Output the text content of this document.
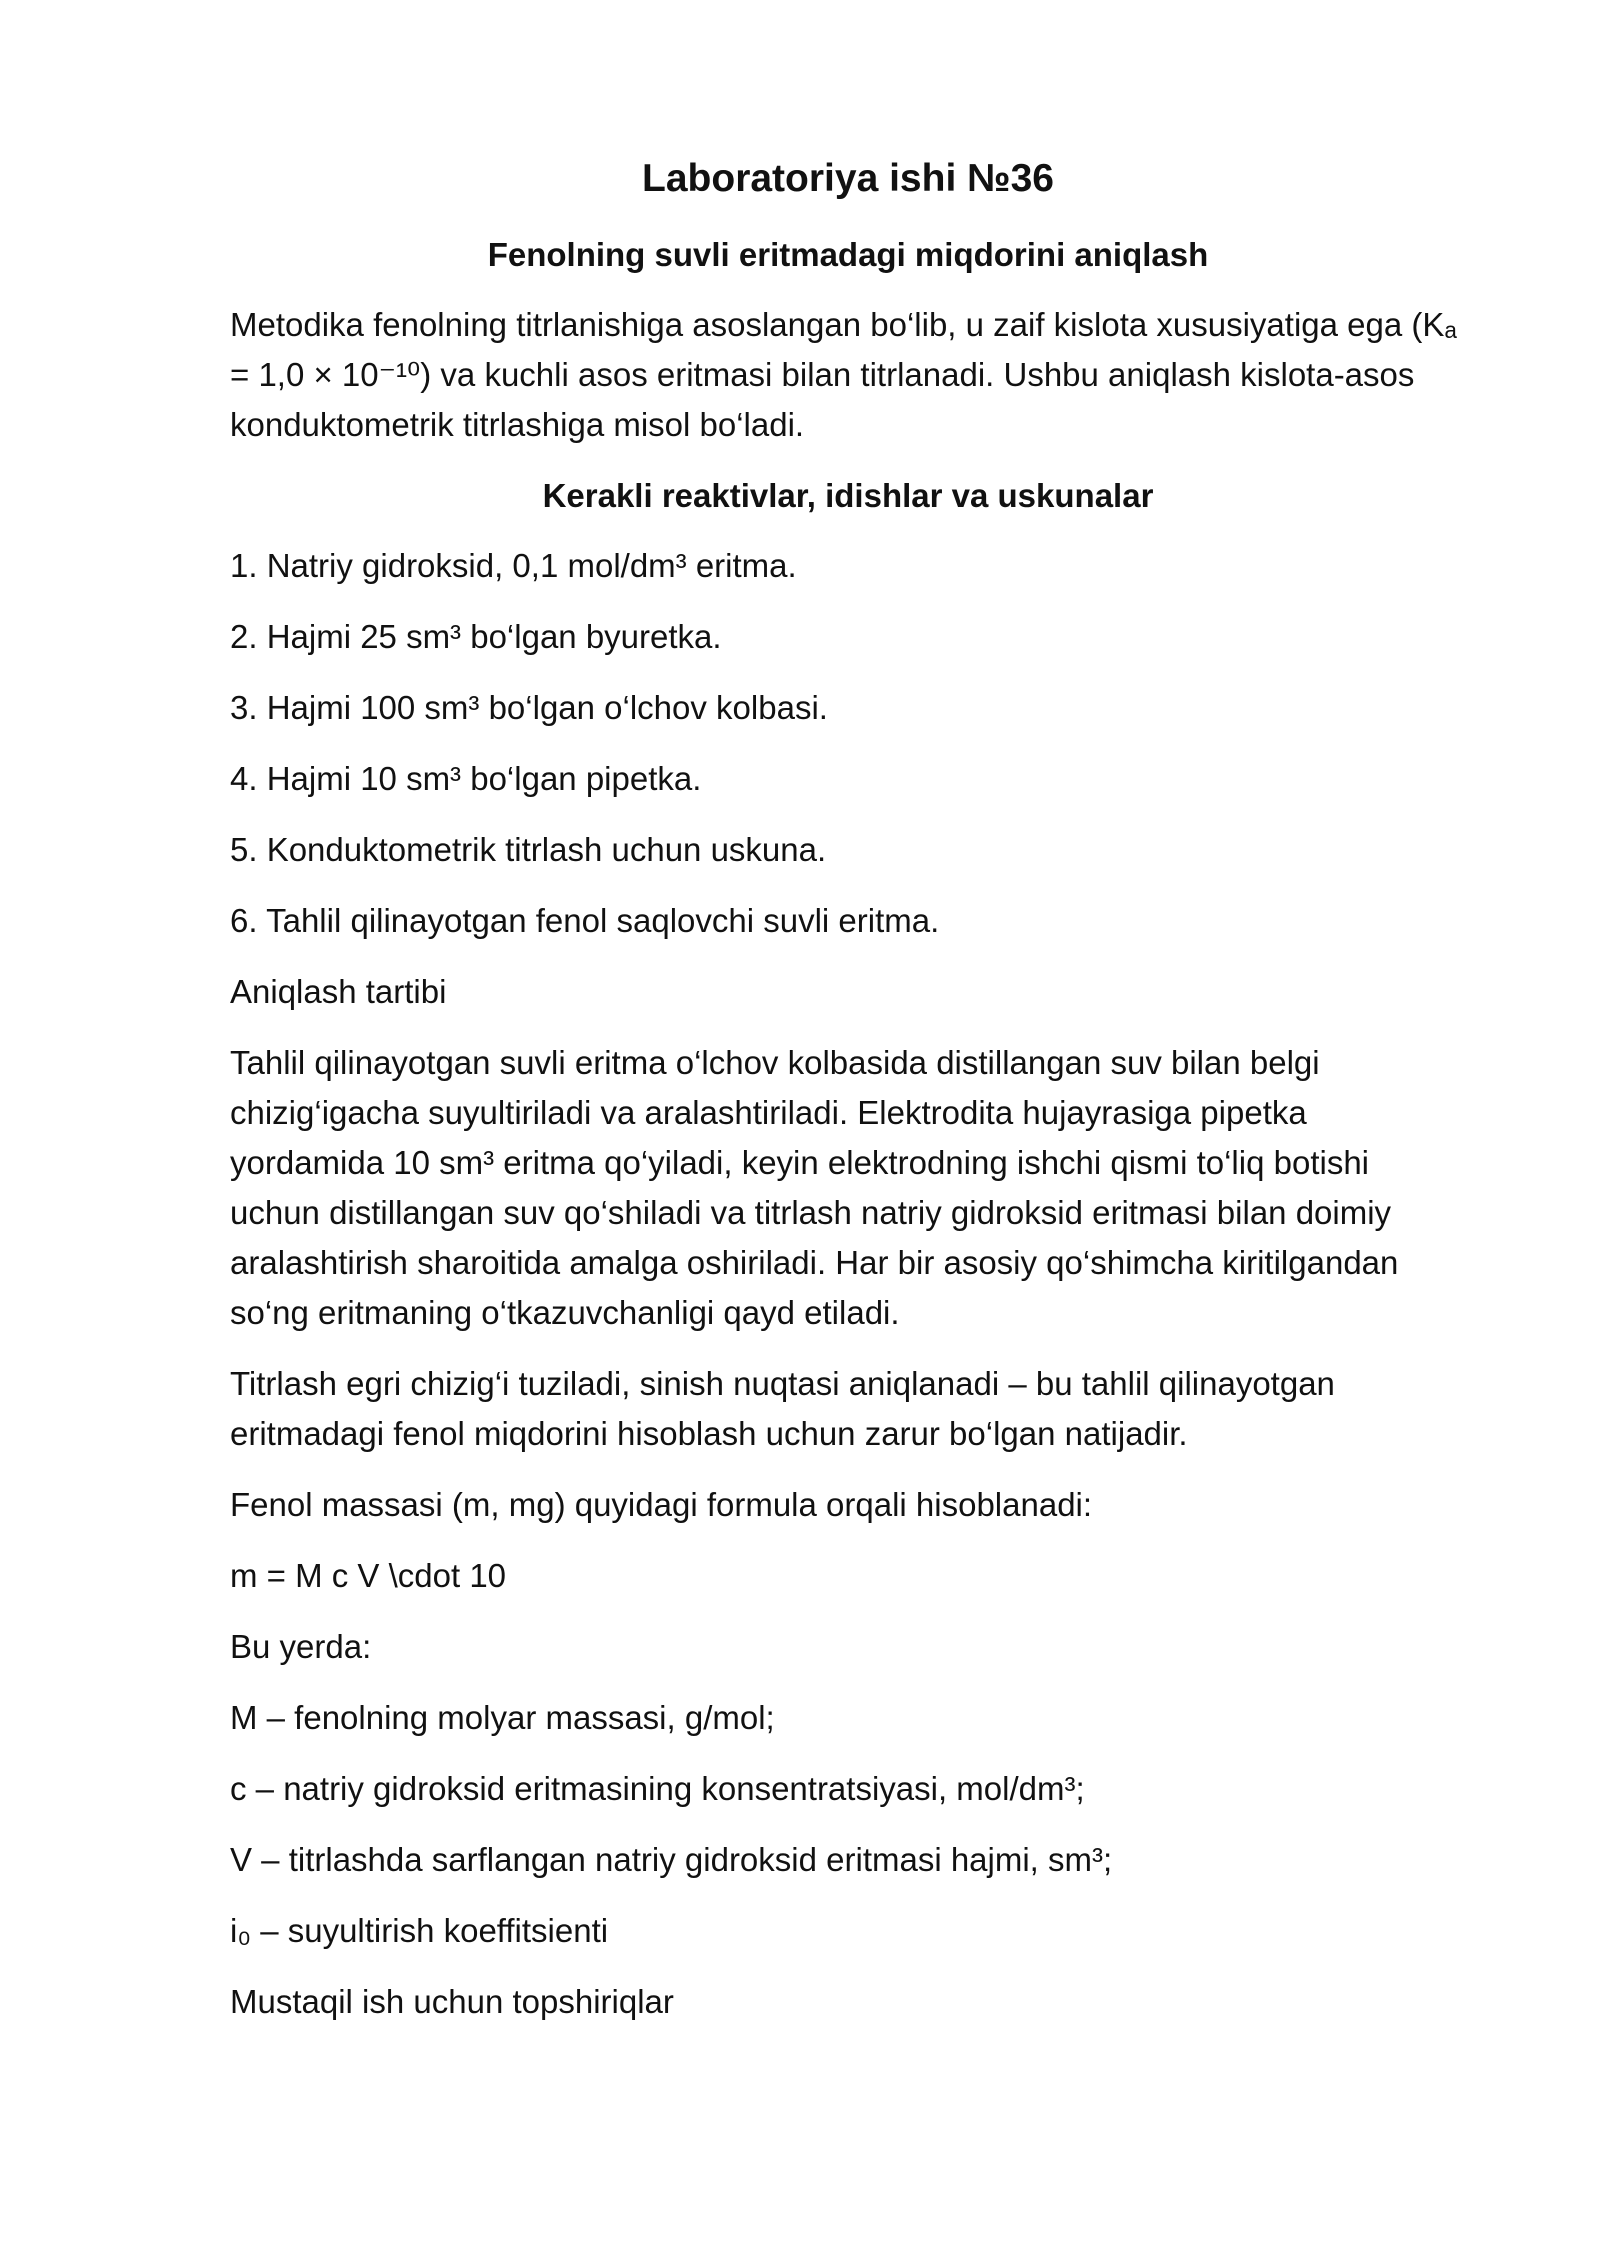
Laboratoriya ishi №36
Fenolning suvli eritmadagi miqdorini aniqlash

Metodika fenolning titrlanishiga asoslangan bo‘lib, u zaif kislota xususiyatiga ega (Kₐ = 1,0 × 10⁻¹⁰) va kuchli asos eritmasi bilan titrlanadi. Ushbu aniqlash kislota-asos konduktometrik titrlashiga misol bo‘ladi.

Kerakli reaktivlar, idishlar va uskunalar

1. Natriy gidroksid, 0,1 mol/dm³ eritma.

2. Hajmi 25 sm³ bo‘lgan byuretka.

3. Hajmi 100 sm³ bo‘lgan o‘lchov kolbasi.

4. Hajmi 10 sm³ bo‘lgan pipetka.

5. Konduktometrik titrlash uchun uskuna.

6. Tahlil qilinayotgan fenol saqlovchi suvli eritma.

Aniqlash tartibi

Tahlil qilinayotgan suvli eritma o‘lchov kolbasida distillangan suv bilan belgi chizig‘igacha suyultiriladi va aralashtiriladi. Elektrodita hujayrasiga pipetka yordamida 10 sm³ eritma qo‘yiladi, keyin elektrodning ishchi qismi to‘liq botishi uchun distillangan suv qo‘shiladi va titrlash natriy gidroksid eritmasi bilan doimiy aralashtirish sharoitida amalga oshiriladi. Har bir asosiy qo‘shimcha kiritilgandan so‘ng eritmaning o‘tkazuvchanligi qayd etiladi.

Titrlash egri chizig‘i tuziladi, sinish nuqtasi aniqlanadi – bu tahlil qilinayotgan eritmadagi fenol miqdorini hisoblash uchun zarur bo‘lgan natijadir.

Fenol massasi (m, mg) quyidagi formula orqali hisoblanadi:

m = M c V \cdot 10

Bu yerda:

M – fenolning molyar massasi, g/mol;

c – natriy gidroksid eritmasining konsentratsiyasi, mol/dm³;

V – titrlashda sarflangan natriy gidroksid eritmasi hajmi, sm³;

i₀ – suyultirish koeffitsienti

Mustaqil ish uchun topshiriqlar
